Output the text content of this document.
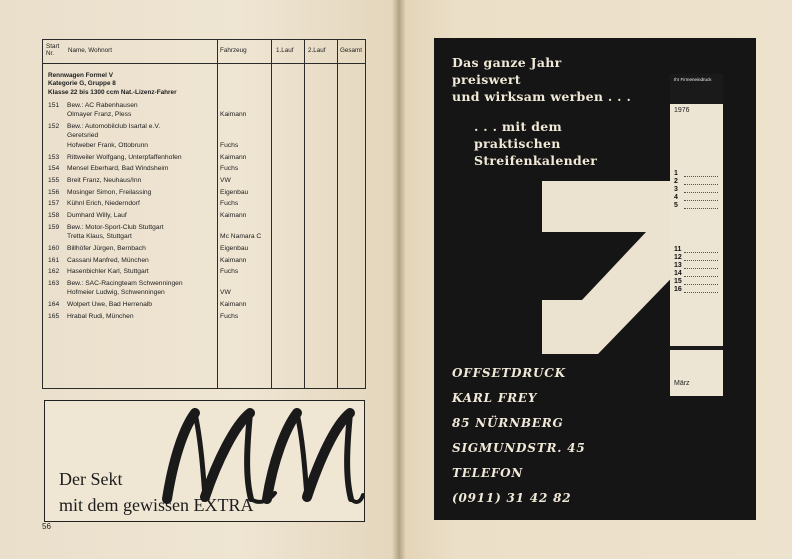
Start Nr.	Name, Wohnort	Fahrzeug	1.Lauf 2.Lauf Gesamt
Rennwagen Formel V
Kategorie G, Gruppe 8
Klasse 22 bis 1300 ccm Nat.-Lizenz-Fahrer
151	Bew.: AC Rabenhausen
Olmayer Franz, Pless	Kaimann
152	Bew.: Automobilclub Isartal e.V.
Geretsried
Hofweber Frank, Ottobrunn	Fuchs
153	Rittweiler Wolfgang, Unterpfaffenhofen	Kaimann
154	Mensel Eberhard, Bad Windsheim	Fuchs
155	Breit Franz, Neuhaus/Inn	VW
156	Mosinger Simon, Freilassing	Eigenbau
157	Kühnl Erich, Niederndorf	Fuchs
158	Dumhard Willy, Lauf	Kaimann
159	Bew.: Motor-Sport-Club Stuttgart
Tretta Klaus, Stuttgart	Mc Namara C
160	Billhöfer Jürgen, Bernbach	Eigenbau
161	Cassani Manfred, München	Kaimann
162	Hasenbichler Karl, Stuttgart	Fuchs
163	Bew.: SAC-Racingteam Schwenningen
Hofmeier Ludwig, Schwenningen	VW
164	Wolpert Uwe, Bad Herrenalb	Kaimann
165	Hrabal Rudi, München	Fuchs
Der Sekt
mit dem gewissen EXTRA
56
Das ganze Jahr
preiswert
und wirksam werben . . .
. . . mit dem
praktischen
Streifenkalender
Ihr Firmeneindruck
1976
1
2
3
4
5
11
12
13
14
15
16
März
OFFSETDRUCK
KARL FREY
85 NÜRNBERG
SIGMUNDSTR. 45
TELEFON
(0911) 31 42 82
